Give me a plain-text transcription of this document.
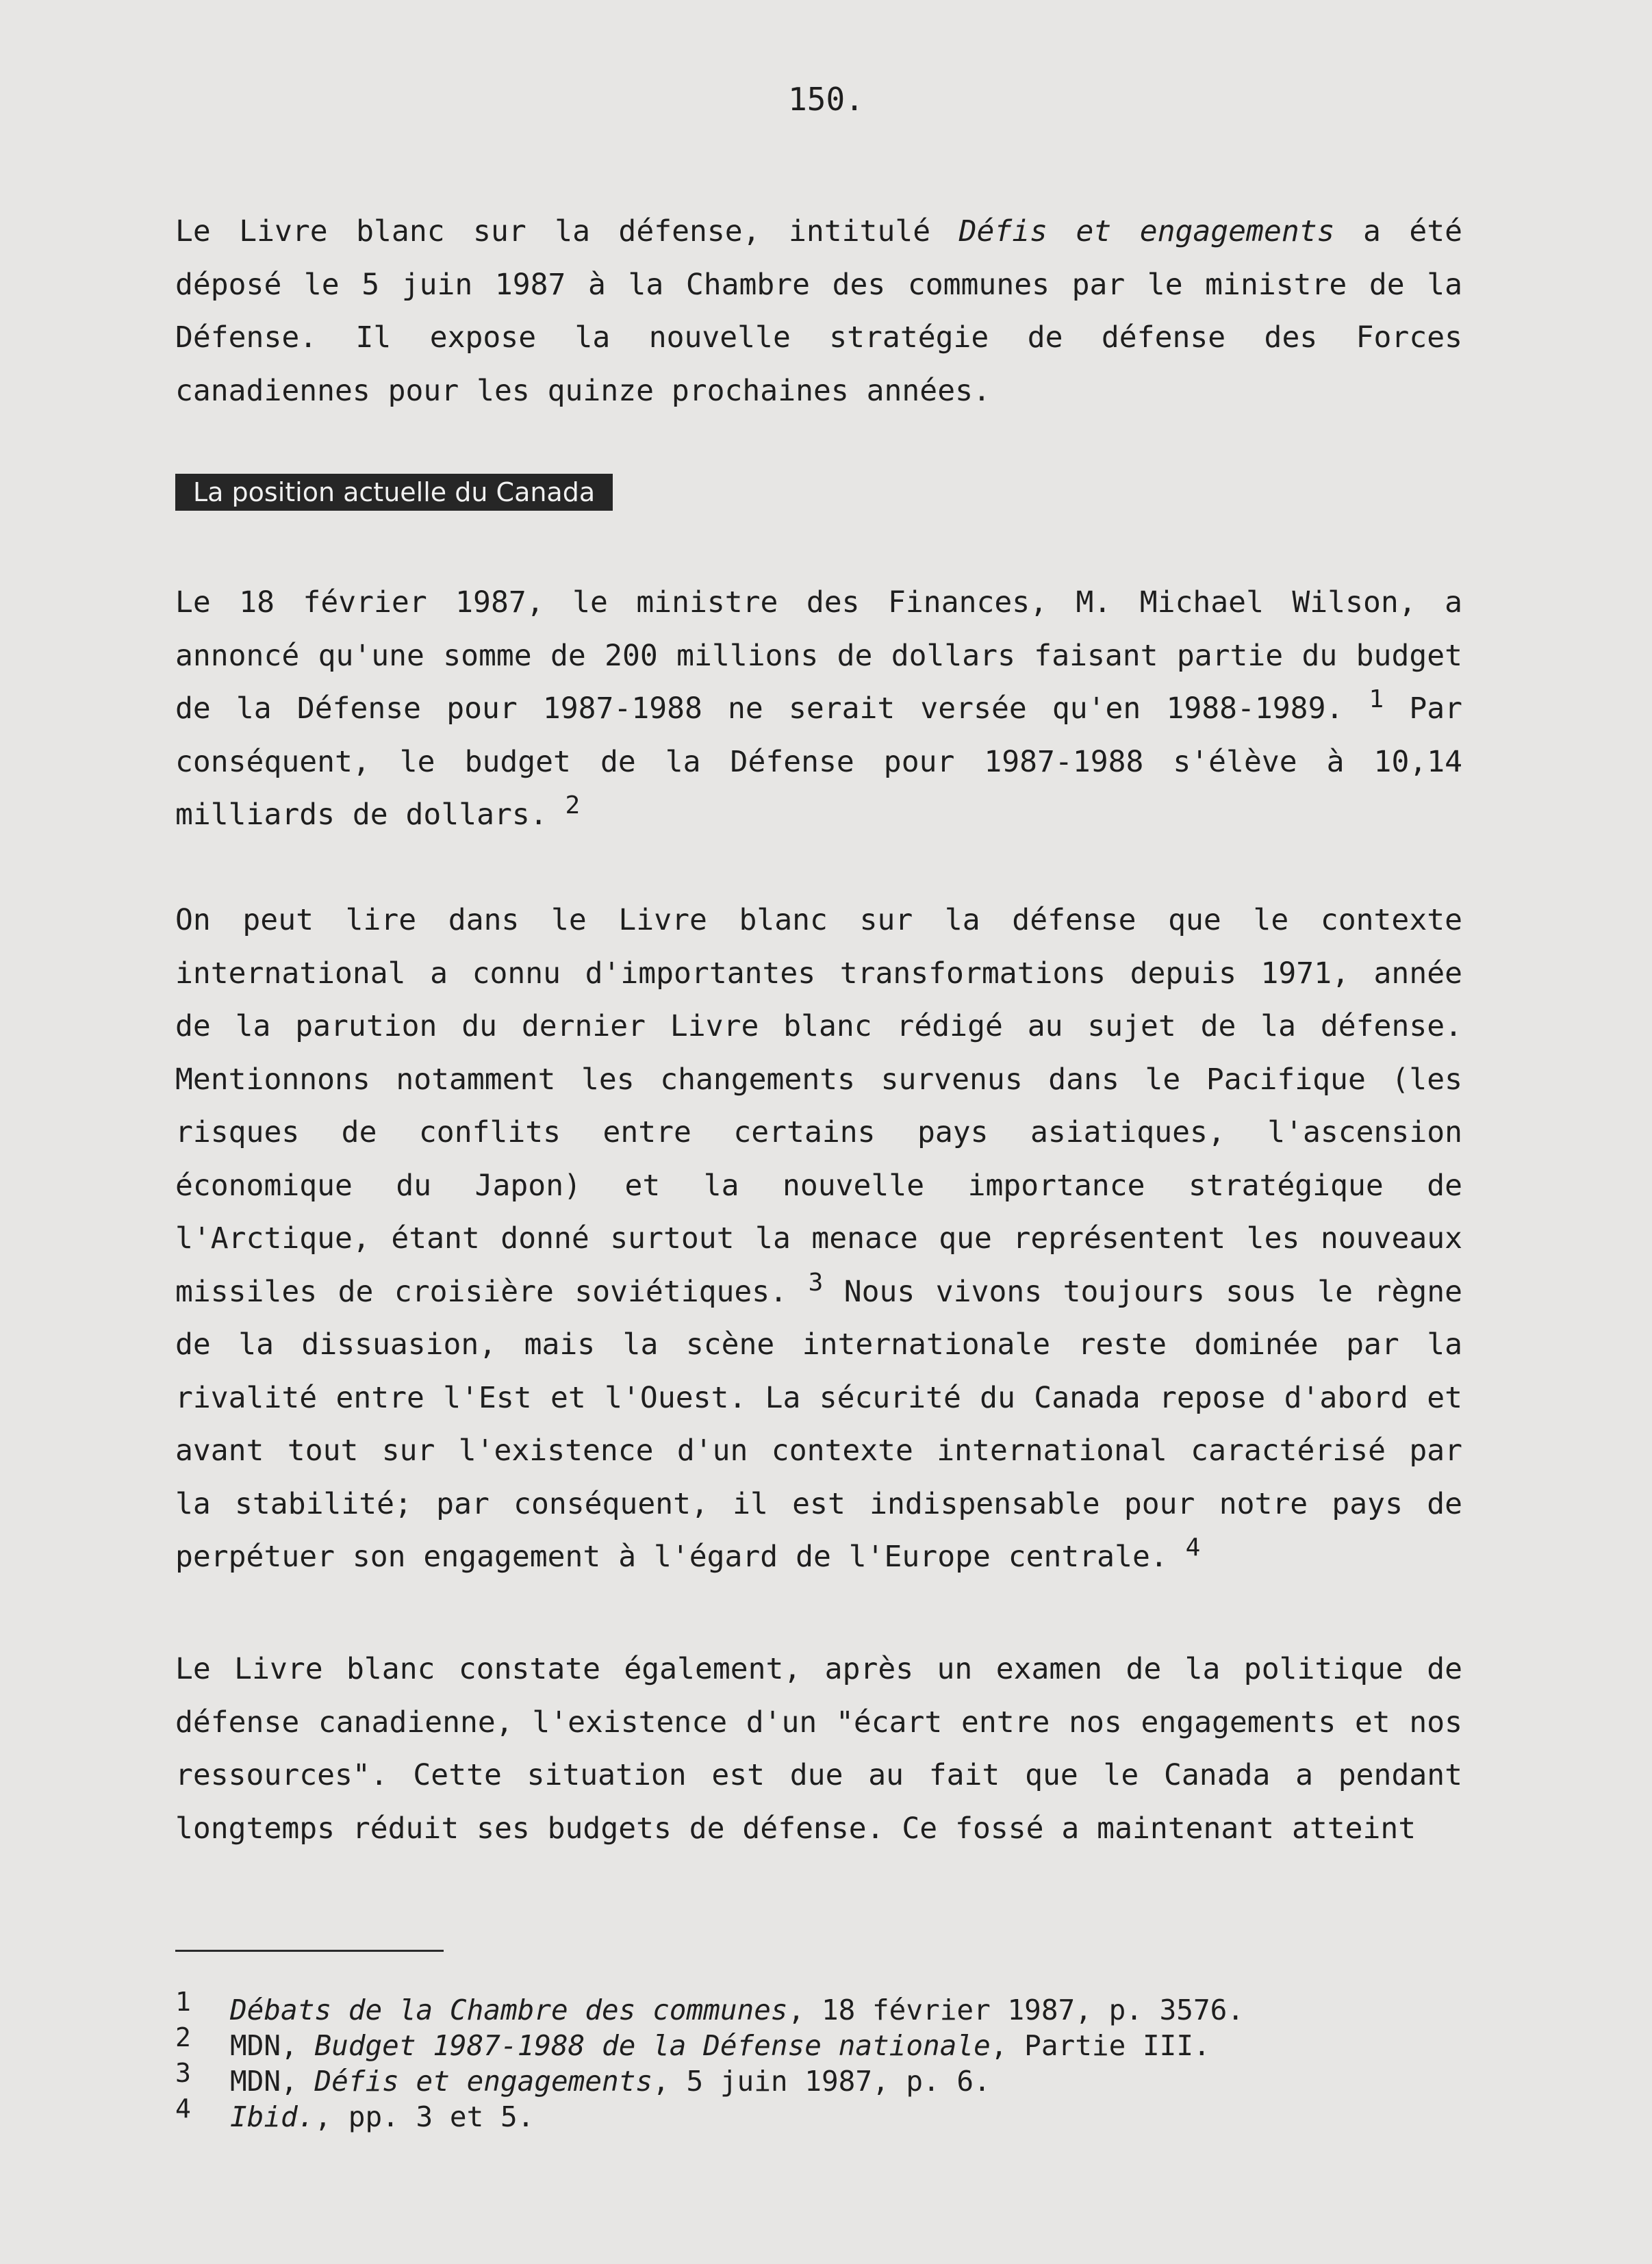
150.

Le Livre blanc sur la défense, intitulé Défis et engagements a été déposé le 5 juin 1987 à la Chambre des communes par le ministre de la Défense. Il expose la nouvelle stratégie de défense des Forces canadiennes pour les quinze prochaines années.

La position actuelle du Canada

Le 18 février 1987, le ministre des Finances, M. Michael Wilson, a annoncé qu'une somme de 200 millions de dollars faisant partie du budget de la Défense pour 1987-1988 ne serait versée qu'en 1988-1989. $^1$ Par conséquent, le budget de la Défense pour 1987-1988 s'élève à 10,14 milliards de dollars. $^2$

On peut lire dans le Livre blanc sur la défense que le contexte international a connu d'importantes transformations depuis 1971, année de la parution du dernier Livre blanc rédigé au sujet de la défense. Mentionnons notamment les changements survenus dans le Pacifique (les risques de conflits entre certains pays asiatiques, l'ascension économique du Japon) et la nouvelle importance stratégique de l'Arctique, étant donné surtout la menace que représentent les nouveaux missiles de croisière soviétiques. $^3$ Nous vivons toujours sous le règne de la dissuasion, mais la scène internationale reste dominée par la rivalité entre l'Est et l'Ouest. La sécurité du Canada repose d'abord et avant tout sur l'existence d'un contexte international caractérisé par la stabilité; par conséquent, il est indispensable pour notre pays de perpétuer son engagement à l'égard de l'Europe centrale. $^4$

Le Livre blanc constate également, après un examen de la politique de défense canadienne, l'existence d'un "écart entre nos engagements et nos ressources". Cette situation est due au fait que le Canada a pendant longtemps réduit ses budgets de défense. Ce fossé a maintenant atteint

1 Débats de la Chambre des communes, 18 février 1987, p. 3576.
2 MDN, Budget 1987-1988 de la Défense nationale, Partie III.
3 MDN, Défis et engagements, 5 juin 1987, p. 6.
4 Ibid., pp. 3 et 5.
